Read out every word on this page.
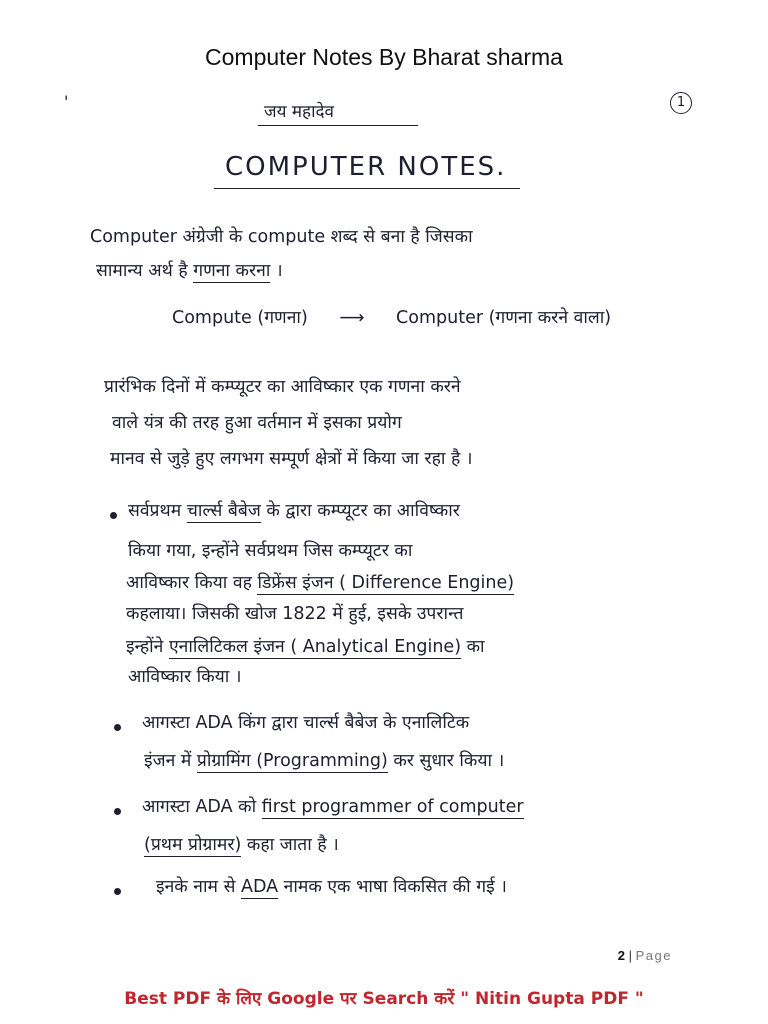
Computer Notes By Bharat sharma
'
जय महादेव	1
COMPUTER NOTES.
Computer अंग्रेजी के compute शब्द से बना है जिसका
सामान्य अर्थ है गणना करना ।
Compute (गणना) ⟶ Computer (गणना करने वाला)
प्रारंभिक दिनों में कम्प्यूटर का आविष्कार एक गणना करने
वाले यंत्र की तरह हुआ वर्तमान में इसका प्रयोग
मानव से जुड़े हुए लगभग सम्पूर्ण क्षेत्रों में किया जा रहा है ।
सर्वप्रथम चार्ल्स बैबेज के द्वारा कम्प्यूटर का आविष्कार
किया गया, इन्होंने सर्वप्रथम जिस कम्प्यूटर का
आविष्कार किया वह डिफ्रेंस इंजन ( Difference Engine)
कहलाया। जिसकी खोज 1822 में हुई, इसके उपरान्त
इन्होंने एनालिटिकल इंजन ( Analytical Engine) का
आविष्कार किया ।
आगस्टा ADA किंग द्वारा चार्ल्स बैबेज के एनालिटिक
इंजन में प्रोग्रामिंग (Programming) कर सुधार किया ।
आगस्टा ADA को first programmer of computer
(प्रथम प्रोग्रामर) कहा जाता है ।
इनके नाम से ADA नामक एक भाषा विकसित की गई ।
2 | Page
Best PDF के लिए Google पर Search करें " Nitin Gupta PDF "
